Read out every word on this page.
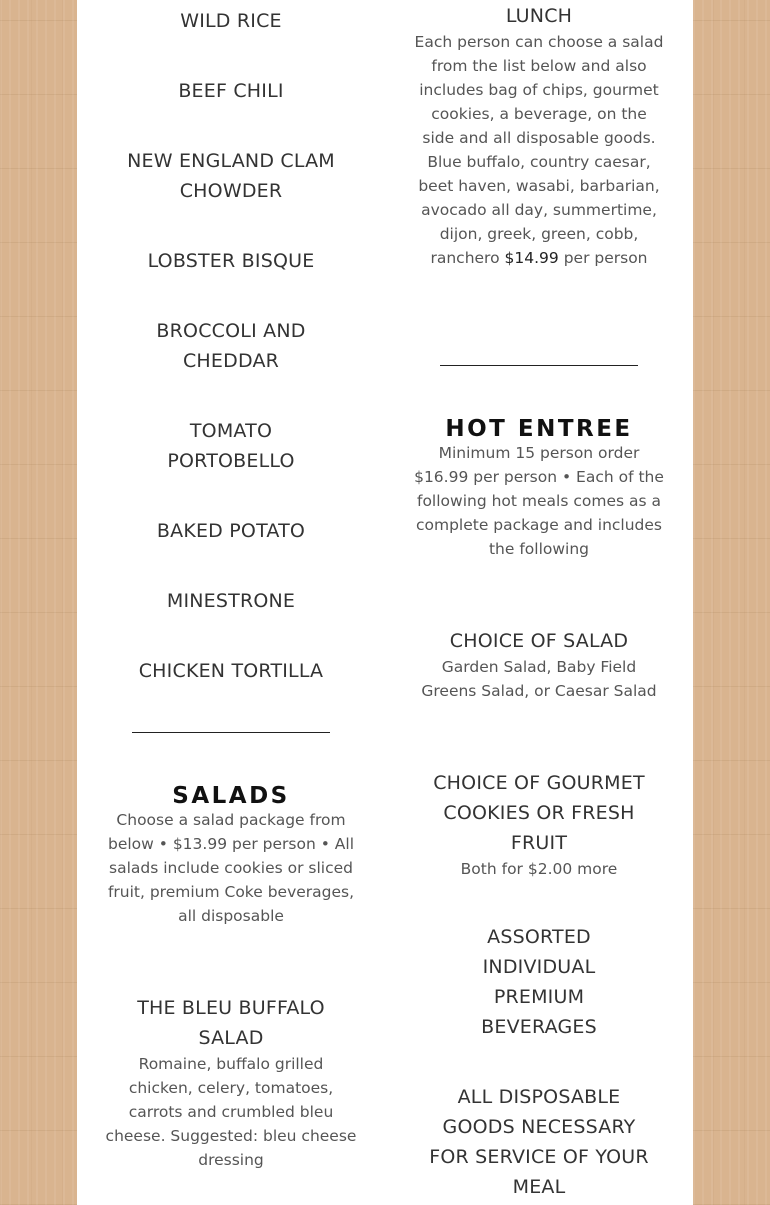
WILD RICE
BEEF CHILI
NEW ENGLAND CLAM CHOWDER
LOBSTER BISQUE
BROCCOLI AND CHEDDAR
TOMATO PORTOBELLO
BAKED POTATO
MINESTRONE
CHICKEN TORTILLA
SALADS
Choose a salad package from below • $13.99 per person • All salads include cookies or sliced fruit, premium Coke beverages, all disposable
THE BLEU BUFFALO SALAD
Romaine, buffalo grilled chicken, celery, tomatoes, carrots and crumbled bleu cheese. Suggested: bleu cheese dressing
LUNCH
Each person can choose a salad from the list below and also includes bag of chips, gourmet cookies, a beverage, on the side and all disposable goods. Blue buffalo, country caesar, beet haven, wasabi, barbarian, avocado all day, summertime, dijon, greek, green, cobb, ranchero $14.99 per person
HOT ENTREE
Minimum 15 person order $16.99 per person • Each of the following hot meals comes as a complete package and includes the following
CHOICE OF SALAD
Garden Salad, Baby Field Greens Salad, or Caesar Salad
CHOICE OF GOURMET COOKIES OR FRESH FRUIT
Both for $2.00 more
ASSORTED INDIVIDUAL PREMIUM BEVERAGES
ALL DISPOSABLE GOODS NECESSARY FOR SERVICE OF YOUR MEAL
